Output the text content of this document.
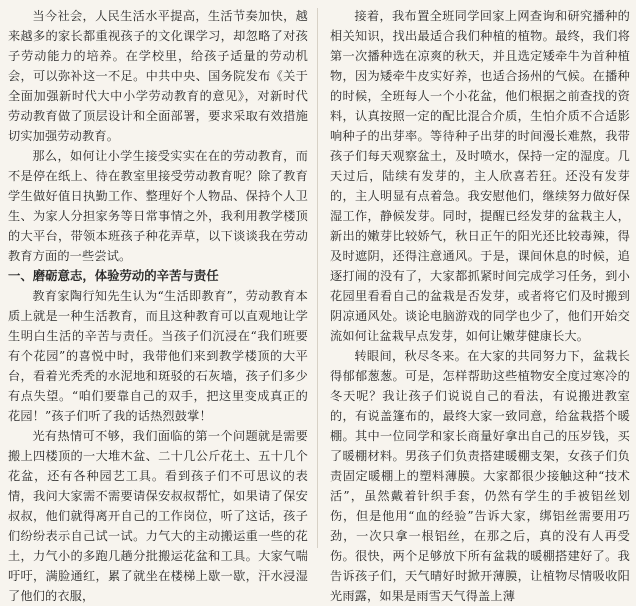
当今社会，人民生活水平提高，生活节奏加快，越来越多的家长都重视孩子的文化课学习，却忽略了对孩子劳动能力的培养。在学校里，给孩子适量的劳动机会，可以弥补这一不足。中共中央、国务院发布《关于全面加强新时代大中小学劳动教育的意见》，对新时代劳动教育做了顶层设计和全面部署，要求采取有效措施切实加强劳动教育。

那么，如何让小学生接受实实在在的劳动教育，而不是停在纸上、待在教室里接受劳动教育呢？除了教育学生做好值日执勤工作、整理好个人物品、保持个人卫生、为家人分担家务等日常事情之外，我利用教学楼顶的大平台，带领本班孩子种花弄草，以下谈谈我在劳动教育方面的一些尝试。

一、磨砺意志，体验劳动的辛苦与责任

教育家陶行知先生认为“生活即教育”，劳动教育本质上就是一种生活教育，而且这种教育可以直观地让学生明白生活的辛苦与责任。当孩子们沉浸在“我们班要有个花园”的喜悦中时，我带他们来到教学楼顶的大平台，看着光秃秃的水泥地和斑驳的石灰墙，孩子们多少有点失望。“咱们要靠自己的双手，把这里变成真正的花园！”孩子们听了我的话热烈鼓掌！

光有热情可不够，我们面临的第一个问题就是需要搬上四楼顶的一大堆木盆、二十几公斤花土、五十几个花盆，还有各种园艺工具。看到孩子们不可思议的表情，我问大家需不需要请保安叔叔帮忙，如果请了保安叔叔，他们就得离开自己的工作岗位，听了这话，孩子们纷纷表示自己试一试。力气大的主动搬运重一些的花土，力气小的多跑几趟分批搬运花盆和工具。大家气喘吁吁，满脸通红，累了就坐在楼梯上歇一歇，汗水浸湿了他们的衣服，

接着，我布置全班同学回家上网查询和研究播种的相关知识，找出最适合我们种植的植物。最终，我们将第一次播种选在凉爽的秋天，并且选定矮牵牛为首种植物，因为矮牵牛皮实好养，也适合扬州的气候。在播种的时候，全班每人一个小花盆，他们根据之前查找的资料，认真按照一定的配比混合介质，生怕介质不合适影响种子的出芽率。等待种子出芽的时间漫长难熬，我带孩子们每天观察盆土，及时喷水，保持一定的湿度。几天过后，陆续有发芽的，主人欣喜若狂。还没有发芽的，主人明显有点着急。我安慰他们，继续努力做好保湿工作，静候发芽。同时，提醒已经发芽的盆栽主人，新出的嫩芽比较娇气，秋日正午的阳光还比较毒辣，得及时遮阴，还得注意通风。于是，课间休息的时候，追逐打闹的没有了，大家都抓紧时间完成学习任务，到小花园里看看自己的盆栽是否发芽，或者将它们及时搬到阴凉通风处。谈论电脑游戏的同学也少了，他们开始交流如何让盆栽早点发芽，如何让嫩芽健康长大。

转眼间，秋尽冬来。在大家的共同努力下，盆栽长得郁郁葱葱。可是，怎样帮助这些植物安全度过寒冷的冬天呢？我让孩子们说说自己的看法，有说搬进教室的，有说盖篷布的，最终大家一致同意，给盆栽搭个暖棚。其中一位同学和家长商量好拿出自己的压岁钱，买了暖棚材料。男孩子们负责搭建暖棚支架，女孩子们负责固定暖棚上的塑料薄膜。大家都很少接触这种“技术活”，虽然戴着针织手套，仍然有学生的手被铝丝划伤，但是他用“血的经验”告诉大家，绑铝丝需要用巧劲，一次只拿一根铝丝，在那之后，真的没有人再受伤。很快，两个足够放下所有盆栽的暖棚搭建好了。我告诉孩子们，天气晴好时掀开薄膜，让植物尽情吸收阳光雨露，如果是雨雪天气得盖上薄
